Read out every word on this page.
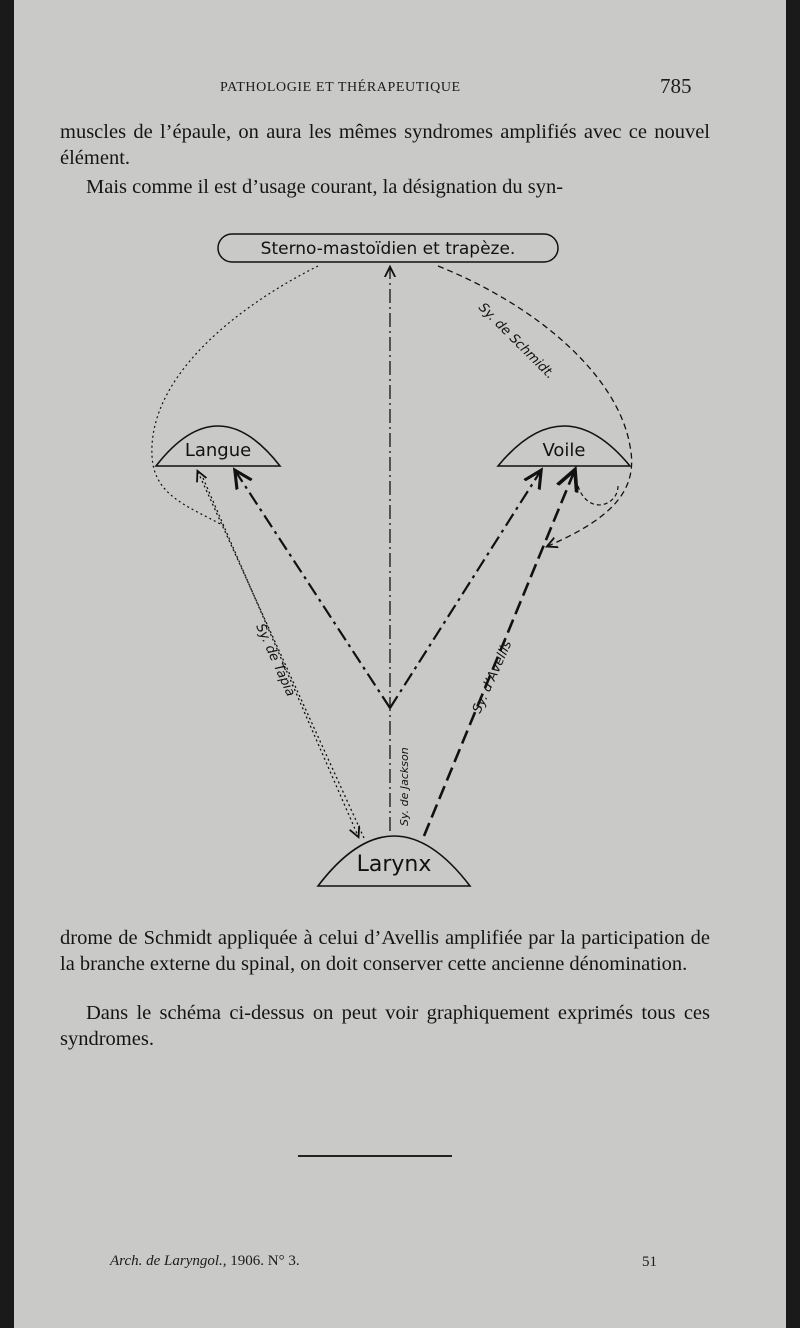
PATHOLOGIE ET THÉRAPEUTIQUE	785

muscles de l’épaule, on aura les mêmes syndromes amplifiés avec ce nouvel élément.

Mais comme il est d’usage courant, la désignation du syn-

Sterno-mastoïdien et trapèze.
Langue	Voile
Larynx
Sy. de Schmidt.
Sy. de Tapia	Sy. d’Avellis
Sy. de Jackson

drome de Schmidt appliquée à celui d’Avellis amplifiée par la participation de la branche externe du spinal, on doit conserver cette ancienne dénomination.

Dans le schéma ci-dessus on peut voir graphiquement exprimés tous ces syndromes.

Arch. de Laryngol., 1906. N° 3.	51
